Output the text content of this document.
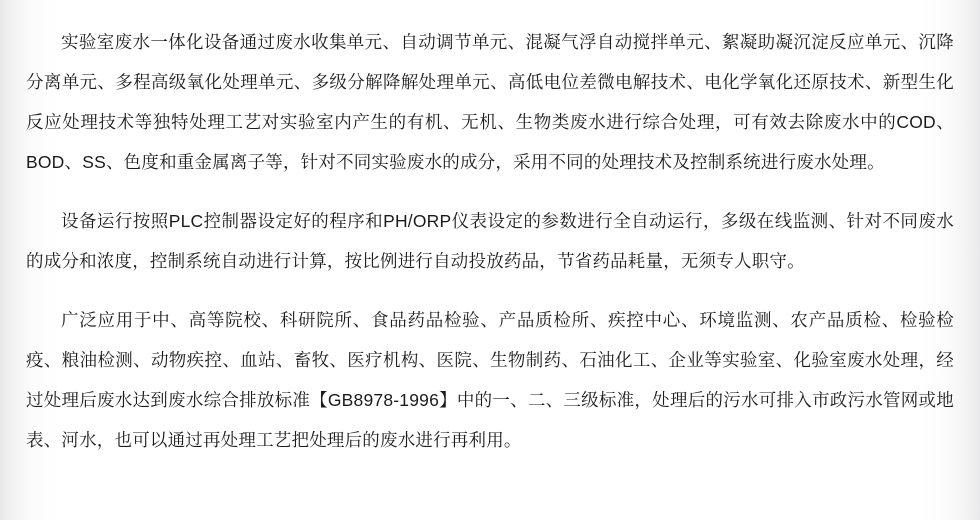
实验室废水一体化设备通过废水收集单元、自动调节单元、混凝气浮自动搅拌单元、絮凝助凝沉淀反应单元、沉降分离单元、多程高级氧化处理单元、多级分解降解处理单元、高低电位差微电解技术、电化学氧化还原技术、新型生化反应处理技术等独特处理工艺对实验室内产生的有机、无机、生物类废水进行综合处理，可有效去除废水中的COD、BOD、SS、色度和重金属离子等，针对不同实验废水的成分，采用不同的处理技术及控制系统进行废水处理。

设备运行按照PLC控制器设定好的程序和PH/ORP仪表设定的参数进行全自动运行，多级在线监测、针对不同废水的成分和浓度，控制系统自动进行计算，按比例进行自动投放药品，节省药品耗量，无须专人职守。

广泛应用于中、高等院校、科研院所、食品药品检验、产品质检所、疾控中心、环境监测、农产品质检、检验检疫、粮油检测、动物疾控、血站、畜牧、医疗机构、医院、生物制药、石油化工、企业等实验室、化验室废水处理，经过处理后废水达到废水综合排放标准【GB8978-1996】中的一、二、三级标准，处理后的污水可排入市政污水管网或地表、河水，也可以通过再处理工艺把处理后的废水进行再利用。
